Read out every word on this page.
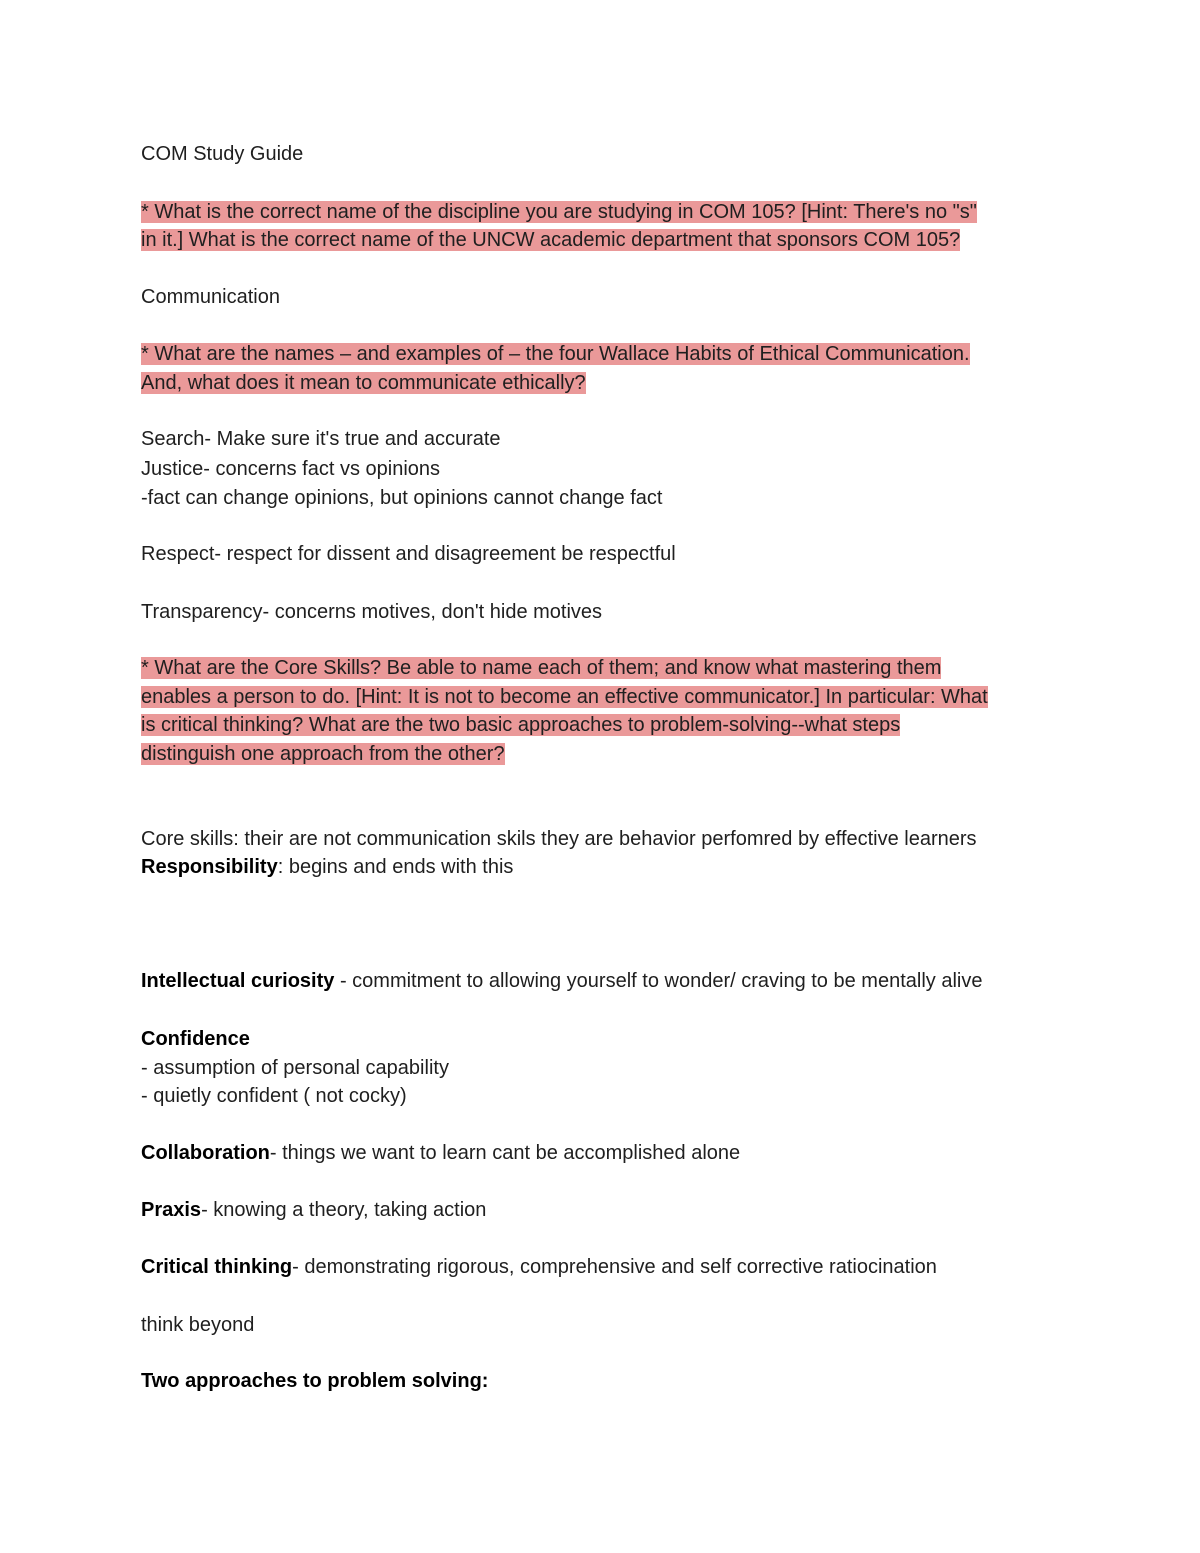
COM Study Guide
* What is the correct name of the discipline you are studying in COM 105? [Hint: There's no "s"
in it.] What is the correct name of the UNCW academic department that sponsors COM 105?
Communication
* What are the names – and examples of – the four Wallace Habits of Ethical Communication.
And, what does it mean to communicate ethically?
Search- Make sure it's true and accurate
Justice- concerns fact vs opinions
-fact can change opinions, but opinions cannot change fact
Respect- respect for dissent and disagreement be respectful
Transparency- concerns motives, don't hide motives
* What are the Core Skills? Be able to name each of them; and know what mastering them
enables a person to do. [Hint: It is not to become an effective communicator.] In particular: What
is critical thinking? What are the two basic approaches to problem-solving--what steps
distinguish one approach from the other?
Core skills: their are not communication skils they are behavior perfomred by effective learners
Responsibility: begins and ends with this
Intellectual curiosity - commitment to allowing yourself to wonder/ craving to be mentally alive
Confidence
- assumption of personal capability
- quietly confident ( not cocky)
Collaboration- things we want to learn cant be accomplished alone
Praxis- knowing a theory, taking action
Critical thinking- demonstrating rigorous, comprehensive and self corrective ratiocination
think beyond
Two approaches to problem solving:
